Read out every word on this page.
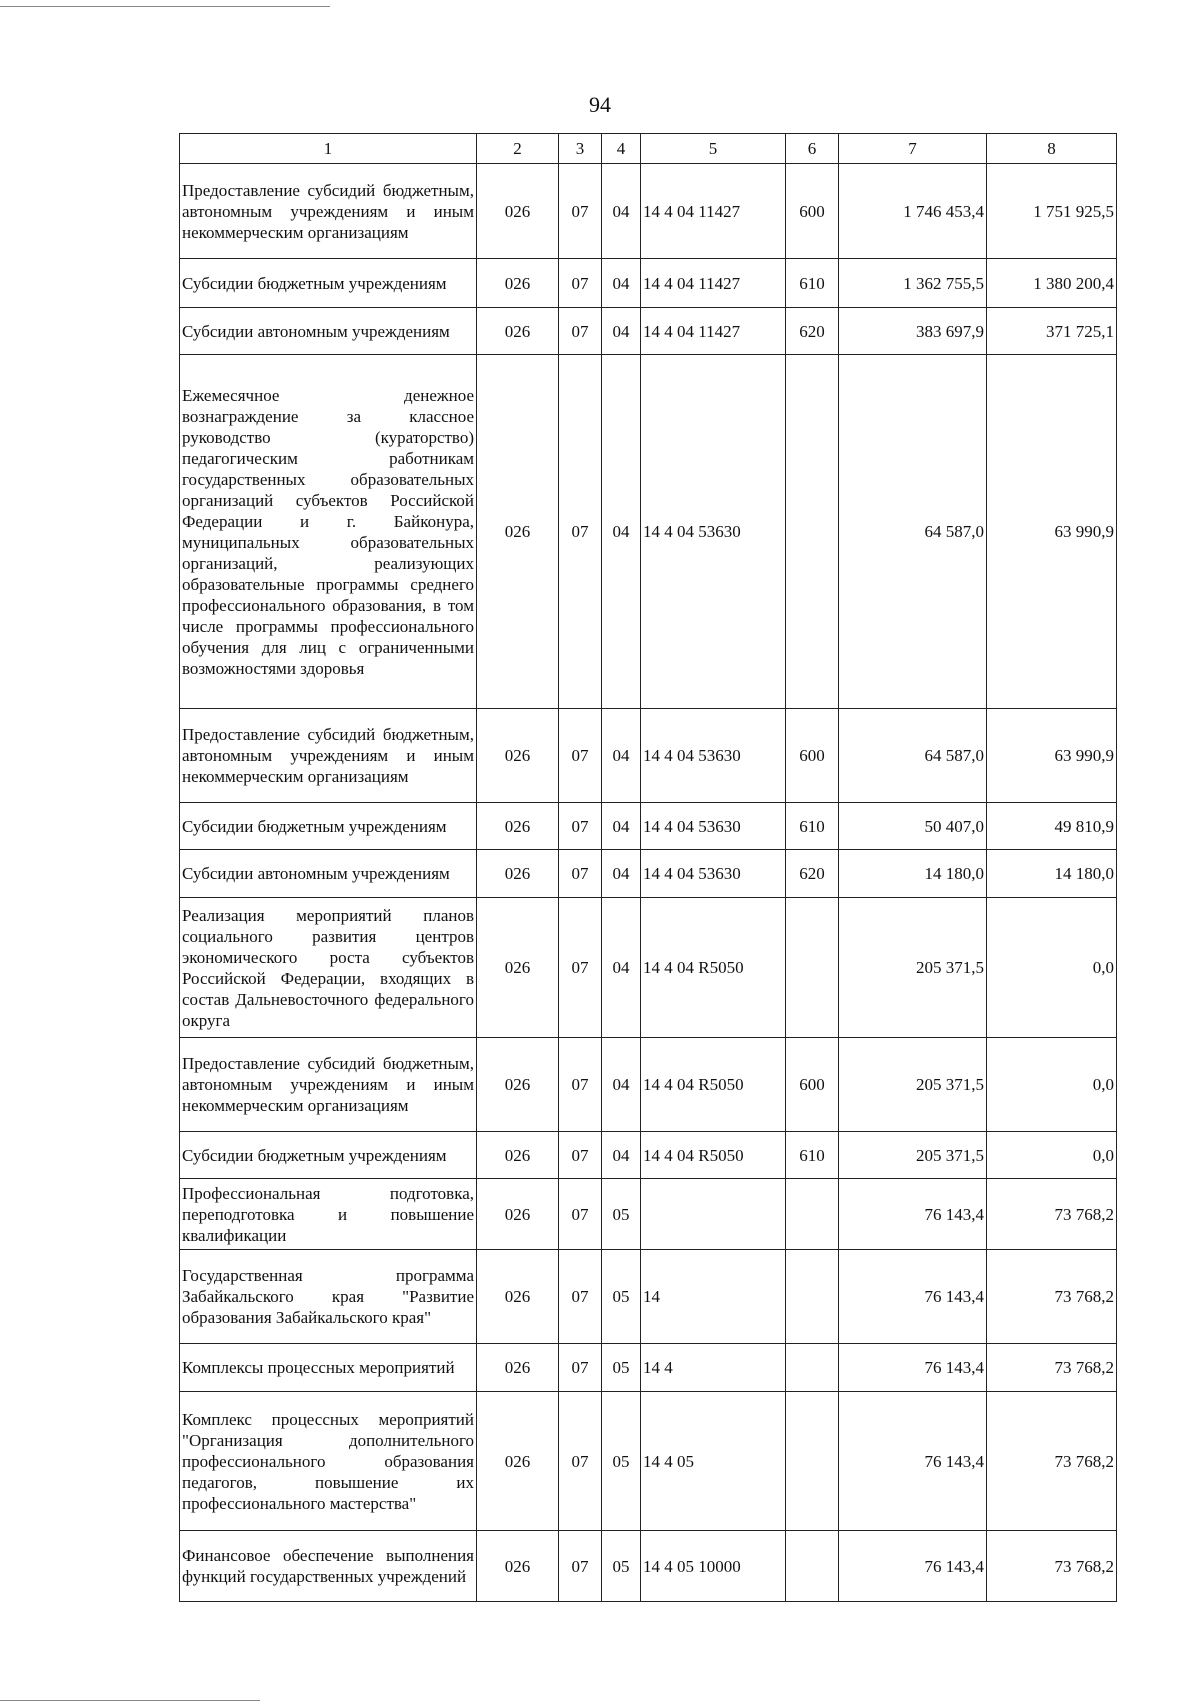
94
1	2	3	4	5	6	7	8
Предоставление субсидий бюджетным, автономным учреждениям и иным некоммерческим организациям	026	07	04	14 4 04 11427	600	1 746 453,4	1 751 925,5
Субсидии бюджетным учреждениям	026	07	04	14 4 04 11427	610	1 362 755,5	1 380 200,4
Субсидии автономным учреждениям	026	07	04	14 4 04 11427	620	383 697,9	371 725,1
Ежемесячное денежное вознаграждение за классное руководство (кураторство) педагогическим работникам государственных образовательных организаций субъектов Российской Федерации и г. Байконура, муниципальных образовательных организаций, реализующих образовательные программы среднего профессионального образования, в том числе программы профессионального обучения для лиц с ограниченными возможностями здоровья	026	07	04	14 4 04 53630		64 587,0	63 990,9
Предоставление субсидий бюджетным, автономным учреждениям и иным некоммерческим организациям	026	07	04	14 4 04 53630	600	64 587,0	63 990,9
Субсидии бюджетным учреждениям	026	07	04	14 4 04 53630	610	50 407,0	49 810,9
Субсидии автономным учреждениям	026	07	04	14 4 04 53630	620	14 180,0	14 180,0
Реализация мероприятий планов социального развития центров экономического роста субъектов Российской Федерации, входящих в состав Дальневосточного федерального округа	026	07	04	14 4 04 R5050		205 371,5	0,0
Предоставление субсидий бюджетным, автономным учреждениям и иным некоммерческим организациям	026	07	04	14 4 04 R5050	600	205 371,5	0,0
Субсидии бюджетным учреждениям	026	07	04	14 4 04 R5050	610	205 371,5	0,0
Профессиональная подготовка, переподготовка и повышение квалификации	026	07	05			76 143,4	73 768,2
Государственная программа Забайкальского края "Развитие образования Забайкальского края"	026	07	05	14		76 143,4	73 768,2
Комплексы процессных мероприятий	026	07	05	14 4		76 143,4	73 768,2
Комплекс процессных мероприятий "Организация дополнительного профессионального образования педагогов, повышение их профессионального мастерства"	026	07	05	14 4 05		76 143,4	73 768,2
Финансовое обеспечение выполнения функций государственных учреждений	026	07	05	14 4 05 10000		76 143,4	73 768,2
